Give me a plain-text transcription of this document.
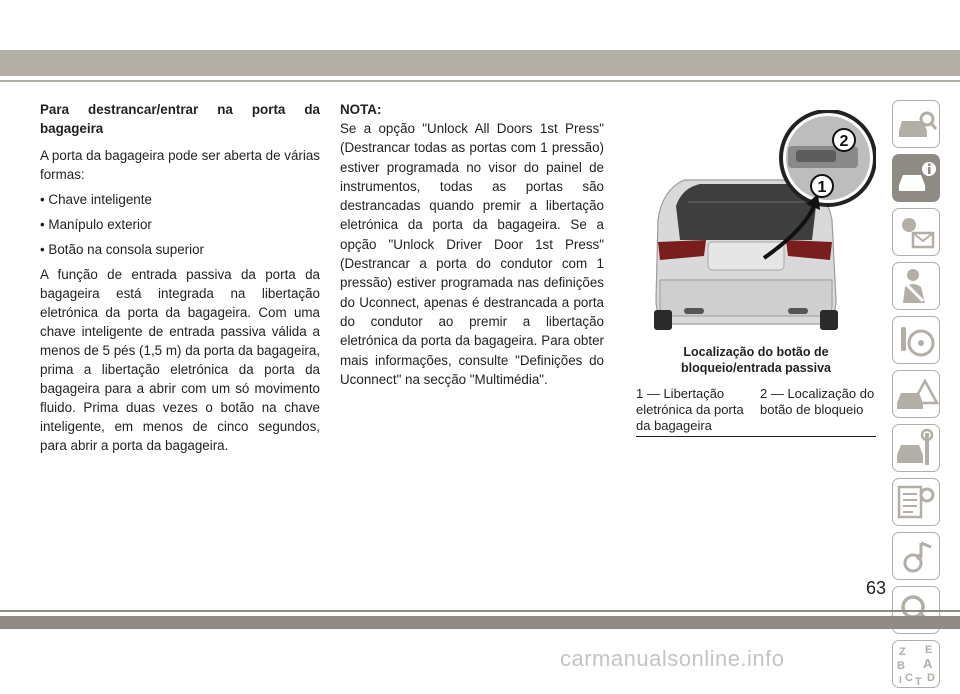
Para destrancar/entrar na porta da bagageira

A porta da bagageira pode ser aberta de várias formas:

• Chave inteligente

• Manípulo exterior

• Botão na consola superior

A função de entrada passiva da porta da bagageira está integrada na libertação eletrónica da porta da bagageira. Com uma chave inteligente de entrada passiva válida a menos de 5 pés (1,5 m) da porta da bagageira, prima a libertação eletrónica da porta da bagageira para a abrir com um só movimento fluido. Prima duas vezes o botão na chave inteligente, em menos de cinco segundos, para abrir a porta da bagageira.

NOTA:

Se a opção "Unlock All Doors 1st Press" (Destrancar todas as portas com 1 pressão) estiver programada no visor do painel de instrumentos, todas as portas são destrancadas quando premir a libertação eletrónica da porta da bagageira. Se a opção "Unlock Driver Door 1st Press" (Destrancar a porta do condutor com 1 pressão) estiver programada nas definições do Uconnect, apenas é destrancada a porta do condutor ao premir a libertação eletrónica da porta da bagageira. Para obter mais informações, consulte "Definições do Uconnect" na secção "Multimédia".

2
1
Localização do botão de bloqueio/entrada passiva
1 — Libertação eletrónica da porta da bagageira
2 — Localização do botão de bloqueio
Z E
B A
C T D
I
63
carmanualsonline.info
